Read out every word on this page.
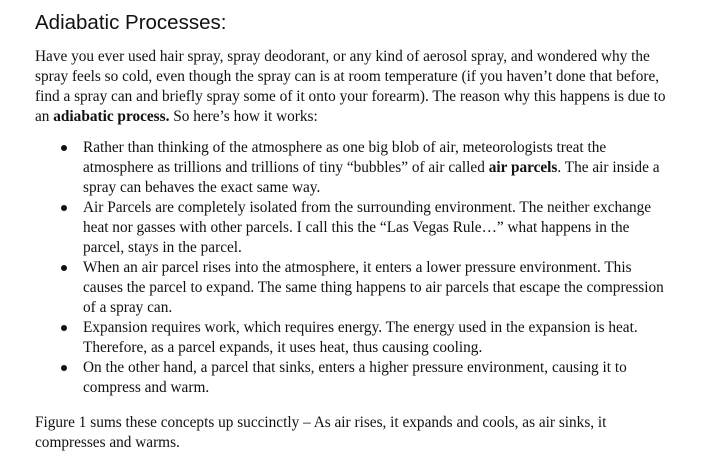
Adiabatic Processes:

Have you ever used hair spray, spray deodorant, or any kind of aerosol spray, and wondered why the spray feels so cold, even though the spray can is at room temperature (if you haven’t done that before, find a spray can and briefly spray some of it onto your forearm). The reason why this happens is due to an adiabatic process. So here’s how it works:

Rather than thinking of the atmosphere as one big blob of air, meteorologists treat the atmosphere as trillions and trillions of tiny “bubbles” of air called air parcels. The air inside a spray can behaves the exact same way.
Air Parcels are completely isolated from the surrounding environment. The neither exchange heat nor gasses with other parcels. I call this the “Las Vegas Rule…” what happens in the parcel, stays in the parcel.
When an air parcel rises into the atmosphere, it enters a lower pressure environment. This causes the parcel to expand. The same thing happens to air parcels that escape the compression of a spray can.
Expansion requires work, which requires energy. The energy used in the expansion is heat. Therefore, as a parcel expands, it uses heat, thus causing cooling.
On the other hand, a parcel that sinks, enters a higher pressure environment, causing it to compress and warm.

Figure 1 sums these concepts up succinctly – As air rises, it expands and cools, as air sinks, it compresses and warms.
